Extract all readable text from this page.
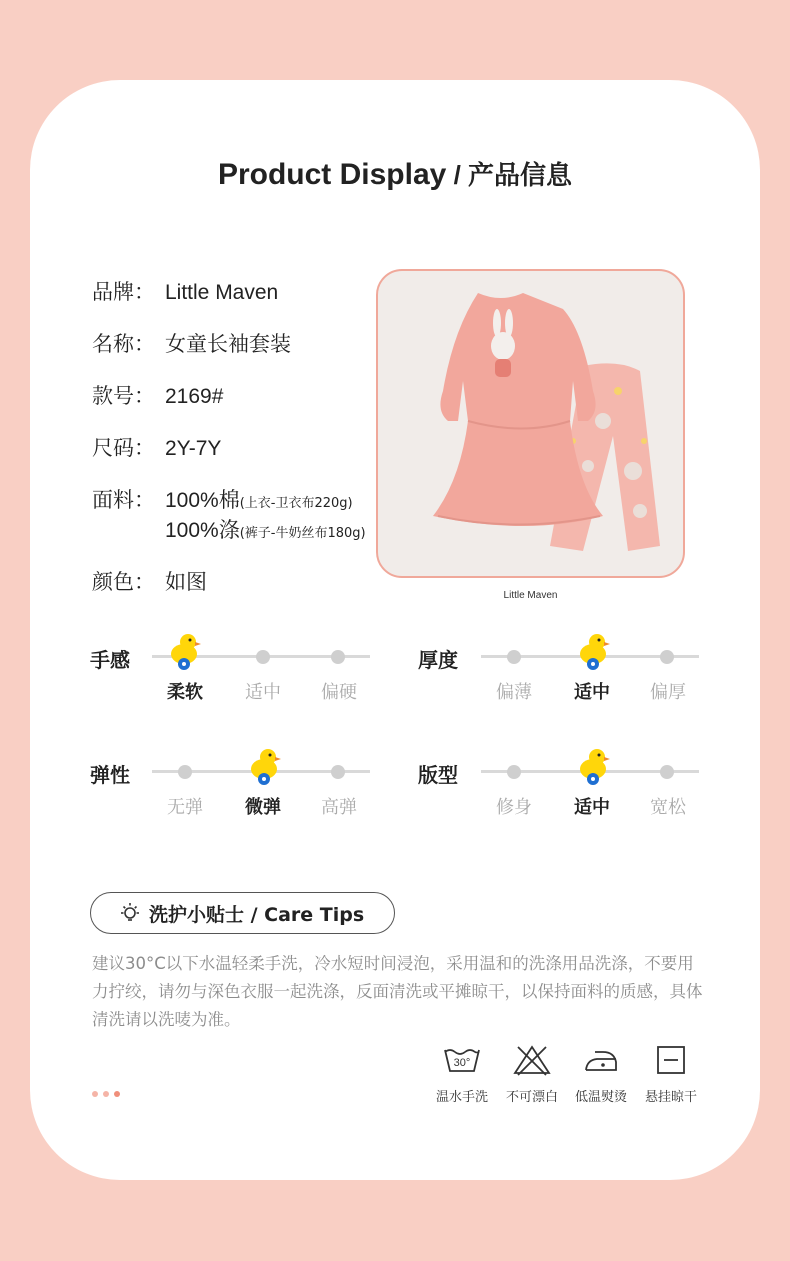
Product Display / 产品信息
品牌： Little Maven
名称： 女童长袖套装
款号： 2169#
尺码： 2Y-7Y
面料： 100%棉(上衣-卫衣布220g)
100%涤(裤子-牛奶丝布180g)
颜色： 如图
Little Maven
手感
柔软	适中	偏硬
厚度
偏薄	适中	偏厚
弹性
无弹	微弹	高弹
版型
修身	适中	宽松
洗护小贴士 / Care Tips
建议30°C以下水温轻柔手洗，冷水短时间浸泡，采用温和的洗涤用品洗涤，不要用力拧绞，请勿与深色衣服一起洗涤，反面清洗或平摊晾干，以保持面料的质感，具体清洗请以洗唛为准。
30°
温水手洗	不可漂白	低温熨烫	悬挂晾干
